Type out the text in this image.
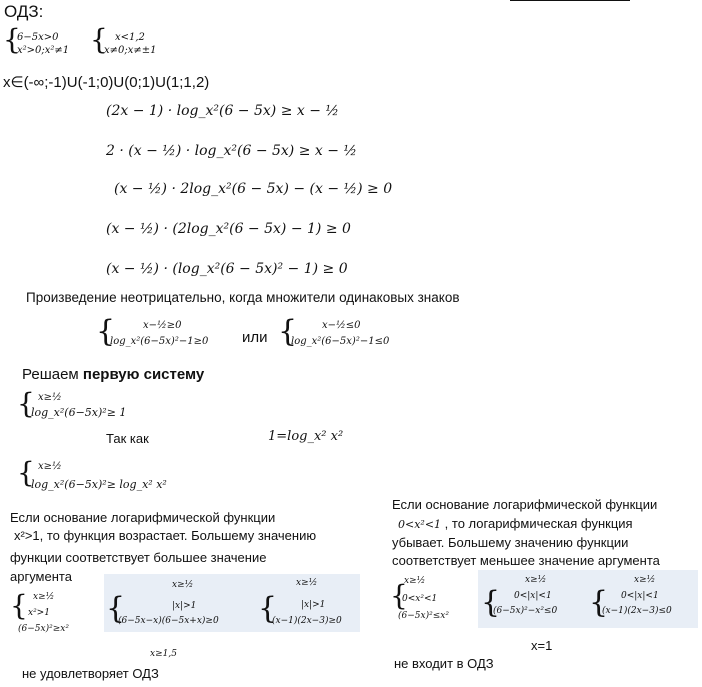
ОДЗ:
{
6−5x>0
x²>0;x²≠1 { x<1,2
x≠0;x≠±1
x∈(-∞;-1)U(-1;0)U(0;1)U(1;1,2)
(2x − 1) · log_x²(6 − 5x) ≥ x − ½
2 · (x − ½) · log_x²(6 − 5x) ≥ x − ½
(x − ½) · 2log_x²(6 − 5x) − (x − ½) ≥ 0
(x − ½) · (2log_x²(6 − 5x) − 1) ≥ 0
(x − ½) · (log_x²(6 − 5x)² − 1) ≥ 0
Произведение неотрицательно, когда множители одинаковых знаков
{	x−½≥0
log_x²(6−5x)²−1≥0 или { x−½≤0
log_x²(6−5x)²−1≤0
Решаем первую систему
{ x≥½
log_x²(6−5x)²≥ 1
Так как	1=log_x² x²
{ x≥½
log_x²(6−5x)²≥ log_x² x²
Если основание логарифмической функции
x²>1, то функция возрастает. Большему значению
функции соответствует большее значение
аргумента
{ x≥½
x²>1
(6−5x)²≥x²
{
x≥½
|x|>1
(6−5x−x)(6−5x+x)≥0 {
x≥½
|x|>1
(x−1)(2x−3)≥0
x≥1,5
не удовлетворяет ОДЗ
Если основание логарифмической функции
0<x²<1 , то логарифмическая функция
убывает. Большему значению функции
соответствует меньшее значение аргумента
{
x≥½
0<x²<1
(6−5x)²≤x² {
x≥½
0<|x|<1
(6−5x)²−x²≤0 {
x≥½
0<|x|<1
(x−1)(2x−3)≤0
x=1
не входит в ОДЗ
